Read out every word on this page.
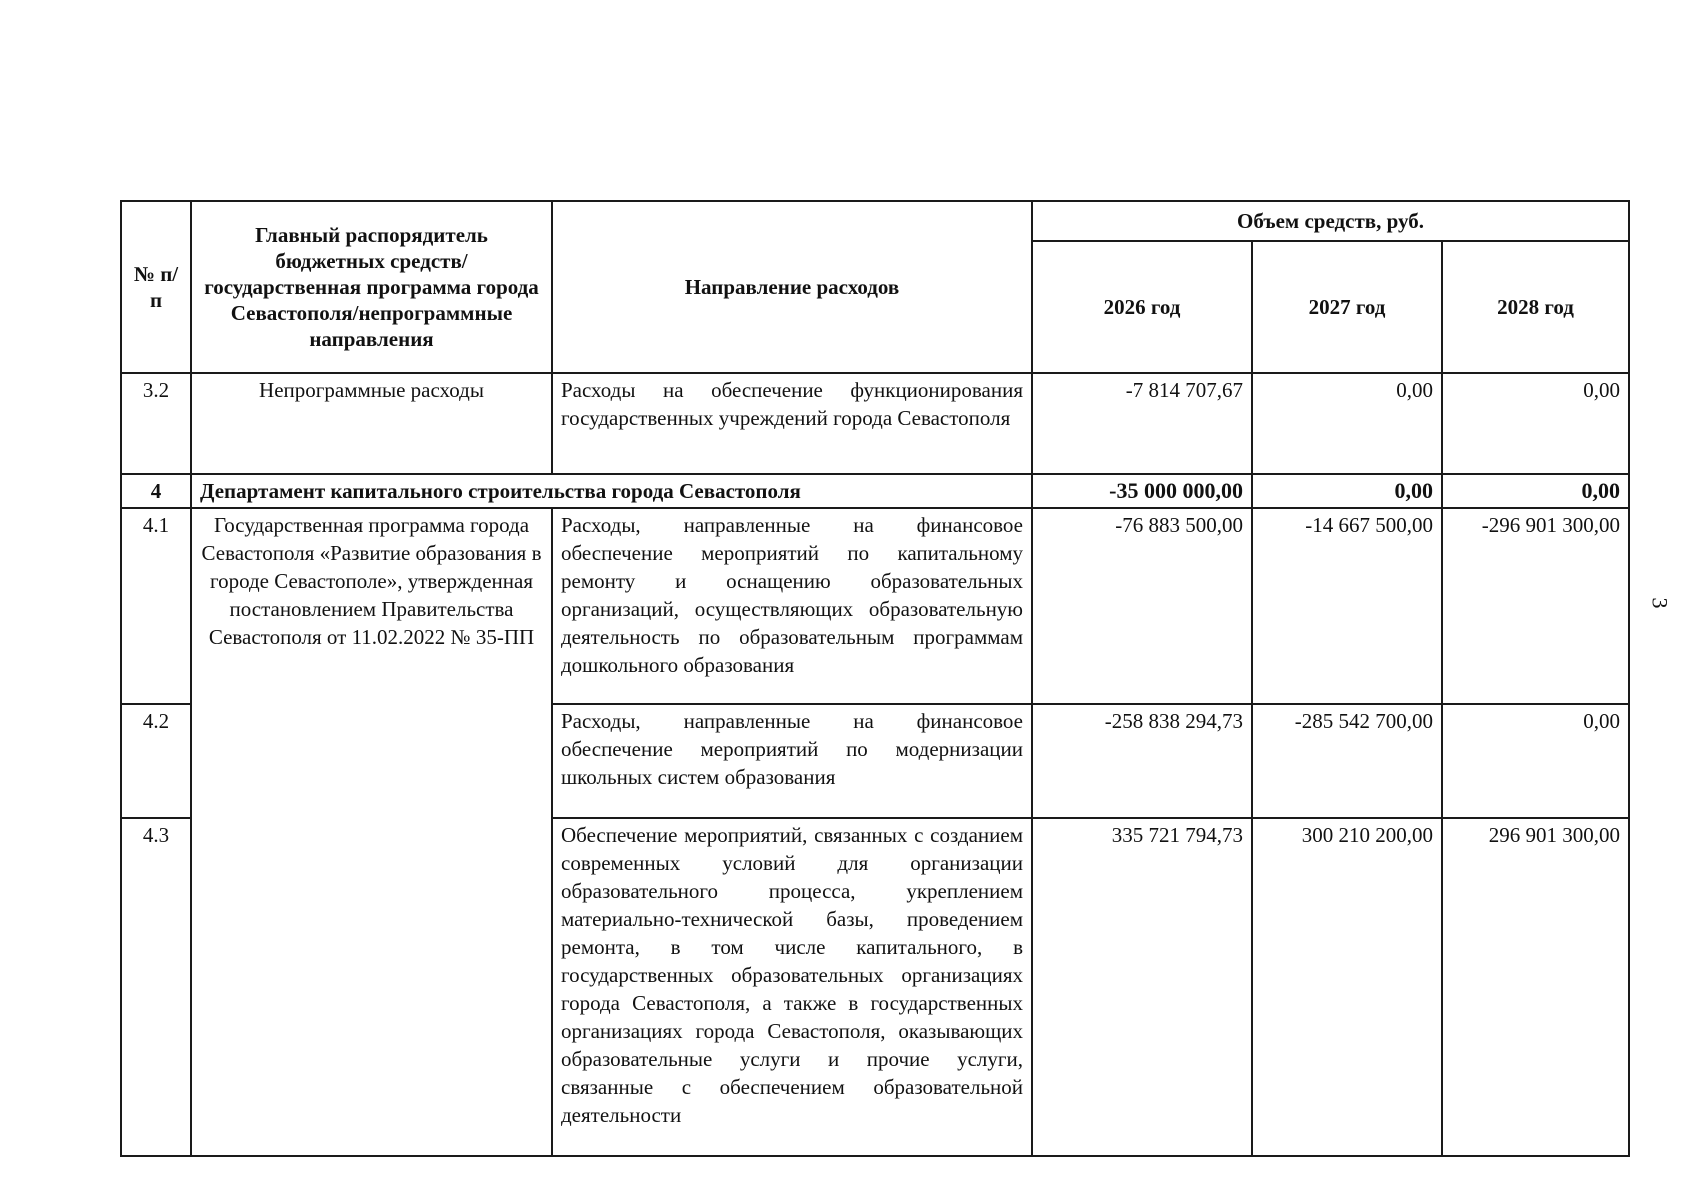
3
№ п/п	Главный распорядитель бюджетных средств/государственная программа города Севастополя/непрограммные направления	Направление расходов	Объем средств, руб.		
			2026 год	2027 год	2028 год
3.2	Непрограммные расходы	Расходы на обеспечение функционирования государственных учреждений города Севастополя	-7 814 707,67	0,00	0,00
4	Департамент капитального строительства города Севастополя		-35 000 000,00	0,00	0,00
4.1	Государственная программа города Севастополя «Развитие образования в городе Севастополе», утвержденная постановлением Правительства Севастополя от 11.02.2022 № 35-ПП	Расходы, направленные на финансовое обеспечение мероприятий по капитальному ремонту и оснащению образовательных организаций, осуществляющих образовательную деятельность по образовательным программам дошкольного образования	-76 883 500,00	-14 667 500,00	-296 901 300,00
4.2		Расходы, направленные на финансовое обеспечение мероприятий по модернизации школьных систем образования	-258 838 294,73	-285 542 700,00	0,00
4.3		Обеспечение мероприятий, связанных с созданием современных условий для организации образовательного процесса, укреплением материально-технической базы, проведением ремонта, в том числе капитального, в государственных образовательных организациях города Севастополя, а также в государственных организациях города Севастополя, оказывающих образовательные услуги и прочие услуги, связанные с обеспечением образовательной деятельности	335 721 794,73	300 210 200,00	296 901 300,00
